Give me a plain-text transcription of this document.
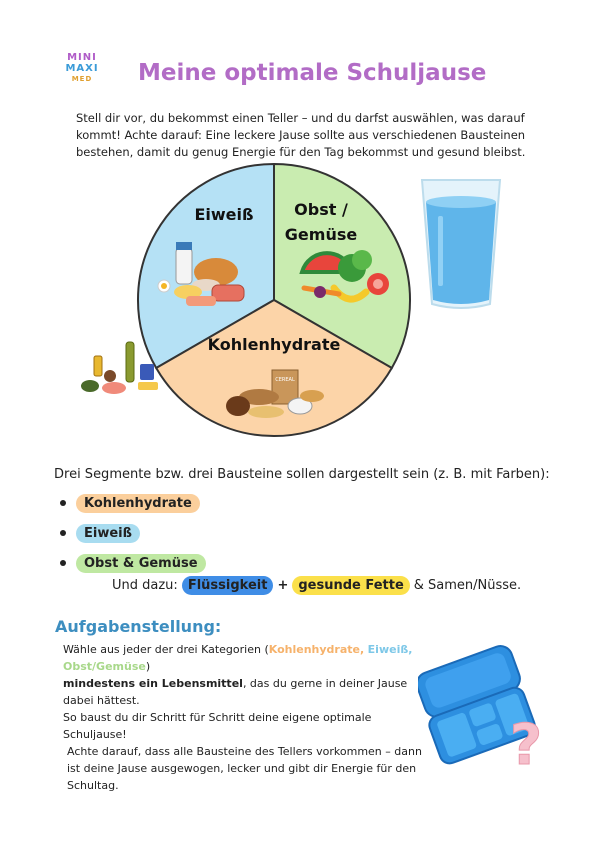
MINI
MAXI
MED	Meine optimale Schuljause

Stell dir vor, du bekommst einen Teller – und du darfst auswählen, was darauf kommt! Achte darauf: Eine leckere Jause sollte aus verschiedenen Bausteinen bestehen, damit du genug Energie für den Tag bekommst und gesund bleibst.

Eiweiß	Obst /
Gemüse
Kohlenhydrate
CEREAL

Drei Segmente bzw. drei Bausteine sollen dargestellt sein (z. B. mit Farben):

Kohlenhydrate
Eiweiß
Obst & Gemüse
Und dazu: Flüssigkeit + gesunde Fette & Samen/Nüsse.
Aufgabenstellung:
Wähle aus jeder der drei Kategorien (Kohlenhydrate, Eiweiß, Obst/Gemüse)
mindestens ein Lebensmittel, das du gerne in deiner Jause dabei hättest.
So baust du dir Schritt für Schritt deine eigene optimale Schuljause!
Achte darauf, dass alle Bausteine des Tellers vorkommen – dann ist deine Jause ausgewogen, lecker und gibt dir Energie für den Schultag.
?
